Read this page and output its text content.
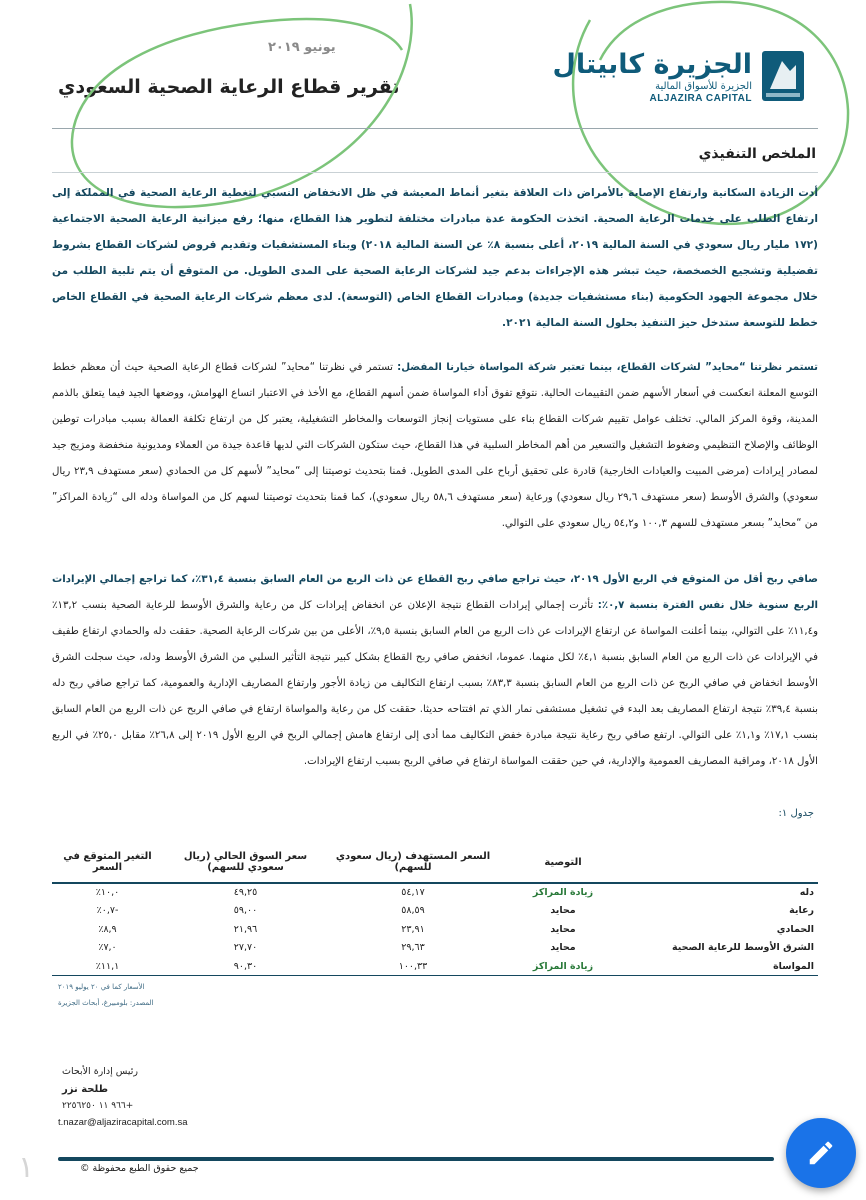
الجزيرة كابيتال
الجزيرة للأسواق المالية
ALJAZIRA CAPITAL
يونيو ٢٠١٩
تقرير قطاع الرعاية الصحية السعودي
الملخص التنفيذي
أدت الزيادة السكانية وارتفاع الإصابة بالأمراض ذات العلاقة بتغير أنماط المعيشة في ظل الانخفاض النسبي لتغطية الرعاية الصحية في المملكة إلى ارتفاع الطلب على خدمات الرعاية الصحية. اتخذت الحكومة عدة مبادرات مختلفة لتطوير هذا القطاع، منها؛ رفع ميزانية الرعاية الصحية الاجتماعية (١٧٢ مليار ريال سعودي في السنة المالية ٢٠١٩، أعلى بنسبة ٨٪ عن السنة المالية ٢٠١٨) وبناء المستشفيات وتقديم قروض لشركات القطاع بشروط تفضيلية وتشجيع الخصخصة، حيث تبشر هذه الإجراءات بدعم جيد لشركات الرعاية الصحية على المدى الطويل. من المتوقع أن يتم تلبية الطلب من خلال مجموعة الجهود الحكومية (بناء مستشفيات جديدة) ومبادرات القطاع الخاص (التوسعة). لدى معظم شركات الرعاية الصحية في القطاع الخاص خطط للتوسعة ستدخل حيز التنفيذ بحلول السنة المالية ٢٠٢١.
تستمر نظرتنا “محايد” لشركات القطاع، بينما تعتبر شركة المواساة خيارنا المفضل: تستمر في نظرتنا “محايد” لشركات قطاع الرعاية الصحية حيث أن معظم خطط التوسع المعلنة انعكست في أسعار الأسهم ضمن التقييمات الحالية. نتوقع تفوق أداء المواساة ضمن أسهم القطاع، مع الأخذ في الاعتبار اتساع الهوامش، ووضعها الجيد فيما يتعلق بالذمم المدينة، وقوة المركز المالي. تختلف عوامل تقييم شركات القطاع بناء على مستويات إنجاز التوسعات والمخاطر التشغيلية، يعتبر كل من ارتفاع تكلفة العمالة بسبب مبادرات توطين الوظائف والإصلاح التنظيمي وضغوط التشغيل والتسعير من أهم المخاطر السلبية في هذا القطاع، حيث ستكون الشركات التي لديها قاعدة جيدة من العملاء ومديونية منخفضة ومزيج جيد لمصادر إيرادات (مرضى المبيت والعيادات الخارجية) قادرة على تحقيق أرباح على المدى الطويل. قمنا بتحديث توصيتنا إلى “محايد” لأسهم كل من الحمادي (سعر مستهدف ٢٣,٩ ريال سعودي) والشرق الأوسط (سعر مستهدف ٢٩,٦ ريال سعودي) ورعاية (سعر مستهدف ٥٨,٦ ريال سعودي)، كما قمنا بتحديث توصيتنا لسهم كل من المواساة ودله الى “زيادة المراكز” من “محايد” بسعر مستهدف للسهم ١٠٠,٣ و٥٤,٢ ريال سعودي على التوالي.
صافي ربح أقل من المتوقع في الربع الأول ٢٠١٩، حيث تراجع صافي ربح القطاع عن ذات الربع من العام السابق بنسبة ٣١,٤٪، كما تراجع إجمالي الإيرادات الربع سنوية خلال نفس الفترة بنسبة ٠,٧٪: تأثرت إجمالي إيرادات القطاع نتيجة الإعلان عن انخفاض إيرادات كل من رعاية والشرق الأوسط للرعاية الصحية بنسب ١٣,٢٪ و١١,٤٪ على التوالي، بينما أعلنت المواساة عن ارتفاع الإيرادات عن ذات الربع من العام السابق بنسبة ٩,٥٪، الأعلى من بين شركات الرعاية الصحية. حققت دله والحمادي ارتفاع طفيف في الإيرادات عن ذات الربع من العام السابق بنسبة ٤,١٪ لكل منهما. عموما، انخفض صافي ربح القطاع بشكل كبير نتيجة التأثير السلبي من الشرق الأوسط ودله، حيث سجلت الشرق الأوسط انخفاض في صافي الربح عن ذات الربع من العام السابق بنسبة ٨٣,٣٪ بسبب ارتفاع التكاليف من زيادة الأجور وارتفاع المصاريف الإدارية والعمومية، كما تراجع صافي ربح دله بنسبة ٣٩,٤٪ نتيجة ارتفاع المصاريف بعد البدء في تشغيل مستشفى نمار الذي تم افتتاحه حديثا. حققت كل من رعاية والمواساة ارتفاع في صافي الربح عن ذات الربع من العام السابق بنسب ١٧,١٪ و١,١٪ على التوالي. ارتفع صافي ربح رعاية نتيجة مبادرة خفض التكاليف مما أدى إلى ارتفاع هامش إجمالي الربح في الربع الأول ٢٠١٩ إلى ٢٦,٨٪ مقابل ٢٥,٠٪ في الربع الأول ٢٠١٨، ومراقبة المصاريف العمومية والإدارية، في حين حققت المواساة ارتفاع في صافي الربح بسبب ارتفاع الإيرادات.
جدول ١:
	التوصية	السعر المستهدف (ريال سعودي للسهم)	سعر السوق الحالي (ريال سعودي للسهم)	التغير المتوقع في السعر
دله	زيادة المراكز	٥٤,١٧	٤٩,٢٥	١٠,٠٪
رعاية	محايد	٥٨,٥٩	٥٩,٠٠	-٠,٧٪
الحمادي	محايد	٢٣,٩١	٢١,٩٦	٨,٩٪
الشرق الأوسط للرعاية الصحية	محايد	٢٩,٦٣	٢٧,٧٠	٧,٠٪
المواساة	زيادة المراكز	١٠٠,٣٣	٩٠,٣٠	١١,١٪
الأسعار كما في ٢٠ يوليو ٢٠١٩
المصدر: بلومبيرغ، أبحاث الجزيرة
رئيس إدارة الأبحاث
طلحة نزر
+٩٦٦ ١١ ٢٢٥٦٢٥٠
t.nazar@aljaziracapital.com.sa
جميع حقوق الطبع محفوظة ©
١
